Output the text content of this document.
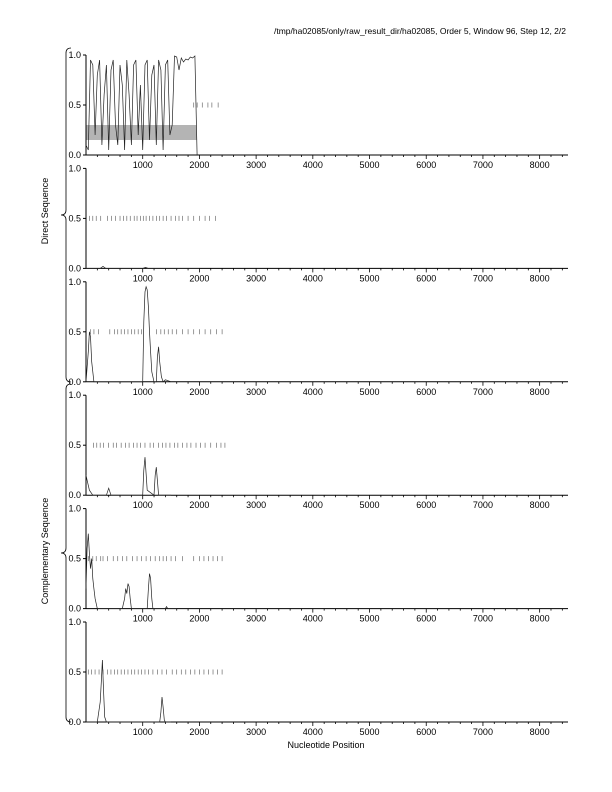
/tmp/ha02085/only/raw_result_dir/ha02085, Order 5, Window 96, Step 12, 2/2
0.0
0.5
1.0
1000	2000	3000	4000	5000	6000	7000	8000
0.0
0.5
1.0
1000	2000	3000	4000	5000	6000	7000	8000
0.0
0.5
1.0
1000	2000	3000	4000	5000	6000	7000	8000
0.0
0.5
1.0
1000	2000	3000	4000	5000	6000	7000	8000
0.0
0.5
1.0
1000	2000	3000	4000	5000	6000	7000	8000
0.0
0.5
1.0
1000	2000	3000	4000	5000	6000	7000	8000
Direct Sequence
Complementary Sequence
Nucleotide Position
